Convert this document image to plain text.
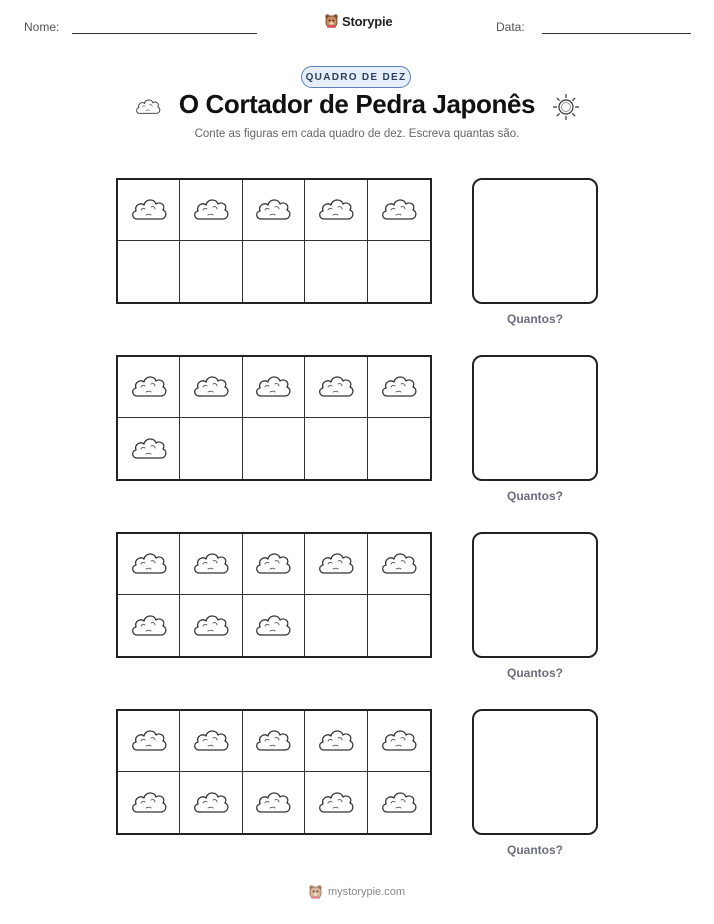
Nome:	Storypie	Data:
QUADRO DE DEZ
O Cortador de Pedra Japonês
Conte as figuras em cada quadro de dez. Escreva quantas são.
Quantos?
Quantos?
Quantos?
Quantos?
mystorypie.com
